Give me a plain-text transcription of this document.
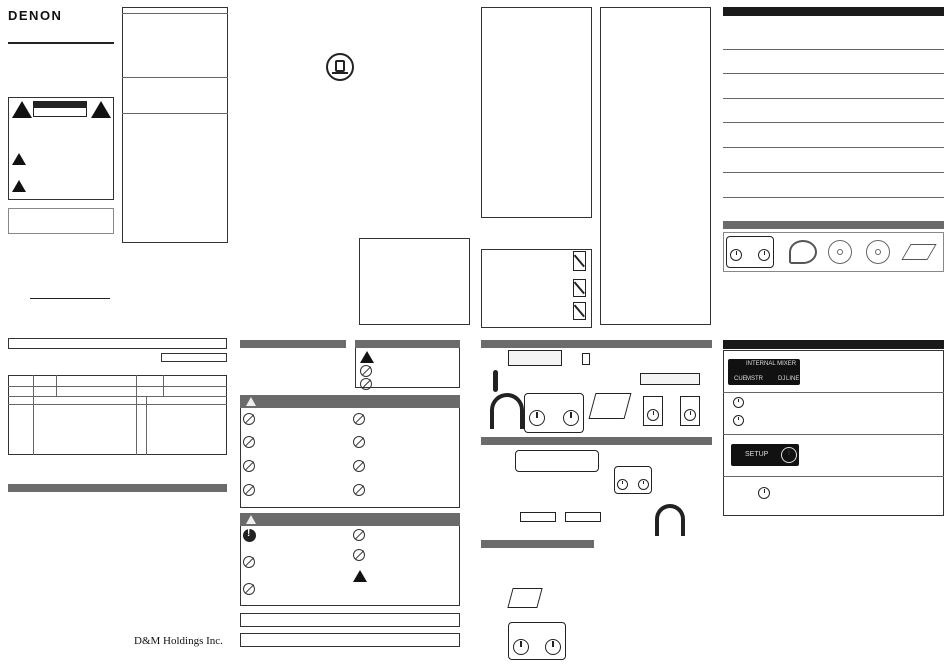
DENON
D&M Holdings Inc.
!
INTERNAL MIXER
CUE MSTR	DJ LINE
SETUP
